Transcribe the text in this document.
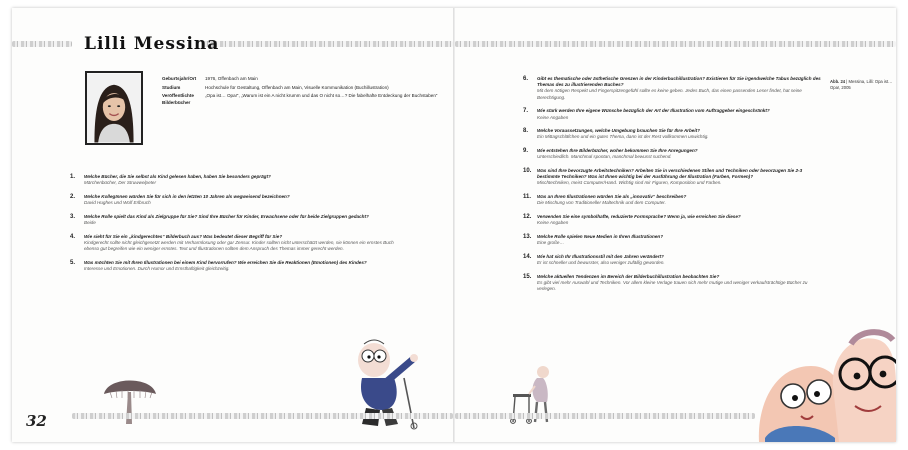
Lilli Messina
Geburtsjahr/Ort	1976, Offenbach am Main
Studium	Hochschule für Gestaltung, Offenbach am Main, Visuelle Kommunikation (Buchillustration)
Veröffentlichte Bilderbücher
„Opa ist… Opa!“, „Warum ist ein A nicht krumm und das O nicht so…? Die fabelhafte Entdeckung der Buchstaben“
1. Welche Bücher, die Sie selbst als Kind gelesen haben, haben Sie besonders geprägt?
Märchenbücher, Der Struwwelpeter
2. Welche KollegInnen würden Sie für sich in den letzten 10 Jahren als wegweisend bezeichnen?
David Hughes und Wolf Erlbruch
3. Welche Rolle spielt das Kind als Zielgruppe für Sie? Sind Ihre Bücher für Kinder, Erwachsene oder für beide Zielgruppen gedacht?
Beide
4. Wie sieht für Sie ein „kindgerechtes“ Bilderbuch aus? Was bedeutet dieser Begriff für Sie?
Kindgerecht sollte nicht gleichgesetzt werden mit Verharmlosung oder gar Zensur. Kinder sollten nicht unterschätzt werden, sie können ein ernstes Buch ebenso gut begreifen wie ein weniger ernstes. Text und Illustrationen sollten dem Anspruch des Themas immer gerecht werden.
5. Was möchten Sie mit Ihren Illustrationen bei einem Kind hervorrufen? Wie erreichen Sie die Reaktionen (Emotionen) des Kindes?
Interesse und Emotionen. Durch Humor und Ernsthaftigkeit gleichzeitig.
32
6. Gibt es thematische oder ästhetische Grenzen in der Kinderbuchillustration? Existieren für Sie irgendwelche Tabus bezüglich des Themas des zu illustrierenden Buches?
Mit dem nötigen Respekt und Fingerspitzengefühl sollte es keine geben. Jedes Buch, das einen passenden Leser findet, hat seine Berechtigung.
7. Wie stark werden Ihre eigene Wünsche bezüglich der Art der Illustration vom Auftraggeber eingeschränkt?
Keine Angaben
8. Welche Voraussetzungen, welche Umgebung brauchen Sie für Ihre Arbeit?
Ein Mittagschläfchen und ein gutes Thema, dann ist der Rest vollkommen unwichtig.
9. Wie entstehen Ihre Bilderbücher, woher bekommen Sie Ihre Anregungen?
Unterschiedlich. Manchmal spontan, manchmal bewusst suchend.
10. Was sind Ihre bevorzugte Arbeitstechniken? Arbeiten Sie in verschiedenen Stilen und Techniken oder bevorzugen Sie 2-3 bestimmte Techniken? Was ist Ihnen wichtig bei der Ausführung der Illustration (Farben, Formen)?
Mischtechniken, meist Computer/Hand. Wichtig sind mir Figuren, Komposition und Farben.
11. Was an Ihren Illustrationen würden Sie als „innovativ“ beschreiben?
Die Mischung von Traditioneller Maltechnik und dem Computer.
12. Verwenden Sie eine symbolhafte, reduzierte Formsprache? Wenn ja, wie erreichen Sie diese?
Keine Angaben
13. Welche Rolle spielen Neue Medien in Ihren Illustrationen?
Eine große…
14. Wie hat sich Ihr Illustrationsstil mit den Jahren verändert?
Er ist schneller und bewusster, also weniger zufällig geworden.
15. Welche aktuellen Tendenzen im Bereich der Bilderbuchillustration beobachten Sie?
Es gibt viel mehr Auswahl und Techniken. Vor allem kleine Verlage trauen sich mehr mutige und weniger verkaufsträchtige Bücher zu verlegen.
Abb. 24 | Messina, Lilli: Opa ist… Opa!, 2005
